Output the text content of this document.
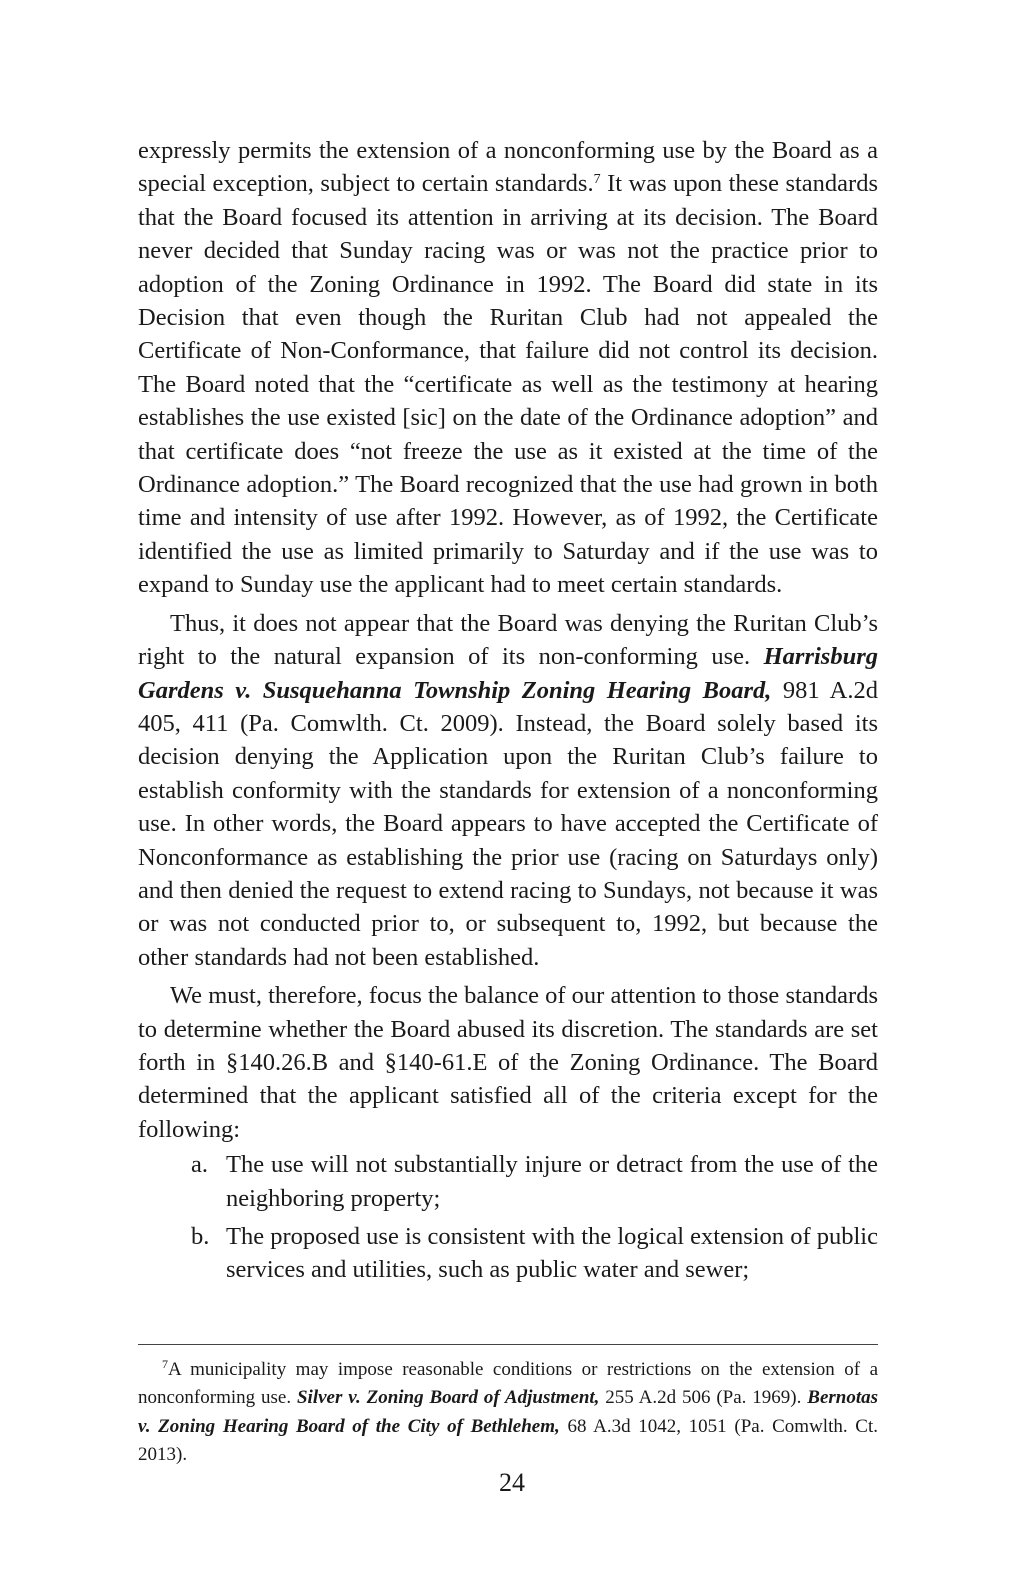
expressly permits the extension of a nonconforming use by the Board as a special exception, subject to certain standards.$^7$ It was upon these standards that the Board focused its attention in arriving at its decision. The Board never decided that Sunday racing was or was not the practice prior to adoption of the Zoning Ordinance in 1992. The Board did state in its Decision that even though the Ruritan Club had not appealed the Certificate of Non-Conformance, that failure did not control its decision. The Board noted that the “certificate as well as the testimony at hearing establishes the use existed [sic] on the date of the Ordinance adoption” and that certificate does “not freeze the use as it existed at the time of the Ordinance adoption.” The Board recognized that the use had grown in both time and intensity of use after 1992. However, as of 1992, the Certificate identified the use as limited primarily to Saturday and if the use was to expand to Sunday use the applicant had to meet certain standards.

Thus, it does not appear that the Board was denying the Ruritan Club’s right to the natural expansion of its non-conforming use. Harrisburg Gardens v. Susquehanna Township Zoning Hearing Board, 981 A.2d 405, 411 (Pa. Comwlth. Ct. 2009). Instead, the Board solely based its decision denying the Application upon the Ruritan Club’s failure to establish conformity with the standards for extension of a nonconforming use. In other words, the Board appears to have accepted the Certificate of Nonconformance as establishing the prior use (racing on Saturdays only) and then denied the request to extend racing to Sundays, not because it was or was not conducted prior to, or subsequent to, 1992, but because the other standards had not been established.

We must, therefore, focus the balance of our attention to those standards to determine whether the Board abused its discretion. The standards are set forth in §140.26.B and §140-61.E of the Zoning Ordinance. The Board determined that the applicant satisfied all of the criteria except for the following:

a. The use will not substantially injure or detract from the use of the neighboring property;
b. The proposed use is consistent with the logical extension of public services and utilities, such as public water and sewer;

$^7$A municipality may impose reasonable conditions or restrictions on the extension of a nonconforming use. Silver v. Zoning Board of Adjustment, 255 A.2d 506 (Pa. 1969). Bernotas v. Zoning Hearing Board of the City of Bethlehem, 68 A.3d 1042, 1051 (Pa. Comwlth. Ct. 2013).

24
